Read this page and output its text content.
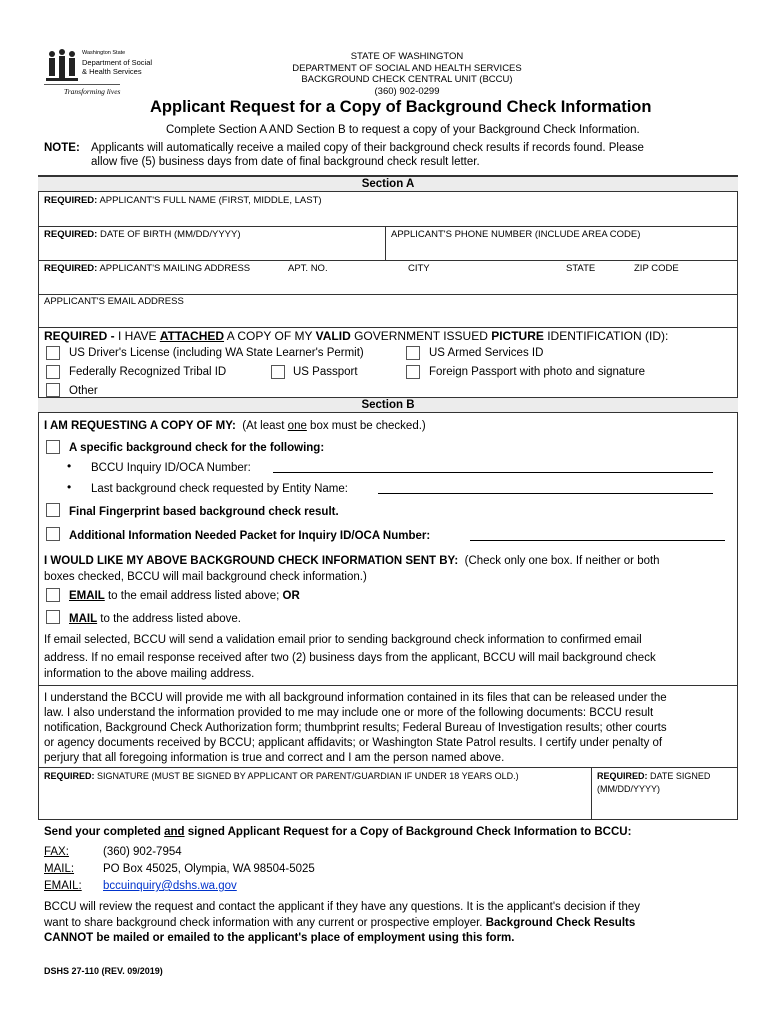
Washington State
Department of Social
& Health Services
Transforming lives
STATE OF WASHINGTON
DEPARTMENT OF SOCIAL AND HEALTH SERVICES
BACKGROUND CHECK CENTRAL UNIT (BCCU)
(360) 902-0299
Applicant Request for a Copy of Background Check Information
Complete Section A AND Section B to request a copy of your Background Check Information.
NOTE: Applicants will automatically receive a mailed copy of their background check results if records found. Please
allow five (5) business days from date of final background check result letter.
Section A
REQUIRED: APPLICANT'S FULL NAME (FIRST, MIDDLE, LAST)
REQUIRED: DATE OF BIRTH (MM/DD/YYYY)	APPLICANT'S PHONE NUMBER (INCLUDE AREA CODE)
REQUIRED: APPLICANT'S MAILING ADDRESS	APT. NO.	CITY	STATE	ZIP CODE
APPLICANT'S EMAIL ADDRESS
REQUIRED - I HAVE ATTACHED A COPY OF MY VALID GOVERNMENT ISSUED PICTURE IDENTIFICATION (ID):
US Driver's License (including WA State Learner's Permit)	US Armed Services ID
Federally Recognized Tribal ID	US Passport	Foreign Passport with photo and signature
Other
Section B
I AM REQUESTING A COPY OF MY: (At least one box must be checked.)
A specific background check for the following:
• BCCU Inquiry ID/OCA Number:
• Last background check requested by Entity Name:
Final Fingerprint based background check result.
Additional Information Needed Packet for Inquiry ID/OCA Number:
I WOULD LIKE MY ABOVE BACKGROUND CHECK INFORMATION SENT BY: (Check only one box. If neither or both
boxes checked, BCCU will mail background check information.)
EMAIL to the email address listed above; OR
MAIL to the address listed above.
If email selected, BCCU will send a validation email prior to sending background check information to confirmed email
address. If no email response received after two (2) business days from the applicant, BCCU will mail background check
information to the above mailing address.
I understand the BCCU will provide me with all background information contained in its files that can be released under the
law. I also understand the information provided to me may include one or more of the following documents: BCCU result
notification, Background Check Authorization form; thumbprint results; Federal Bureau of Investigation results; other courts
or agency documents received by BCCU; applicant affidavits; or Washington State Patrol results. I certify under penalty of
perjury that all foregoing information is true and correct and I am the person named above.
REQUIRED: SIGNATURE (MUST BE SIGNED BY APPLICANT OR PARENT/GUARDIAN IF UNDER 18 YEARS OLD.)	REQUIRED: DATE SIGNED
(MM/DD/YYYY)
Send your completed and signed Applicant Request for a Copy of Background Check Information to BCCU:
FAX:	(360) 902-7954
MAIL:	PO Box 45025, Olympia, WA 98504-5025
EMAIL: bccuinquiry@dshs.wa.gov
BCCU will review the request and contact the applicant if they have any questions. It is the applicant's decision if they
want to share background check information with any current or prospective employer. Background Check Results
CANNOT be mailed or emailed to the applicant's place of employment using this form.
DSHS 27-110 (REV. 09/2019)
